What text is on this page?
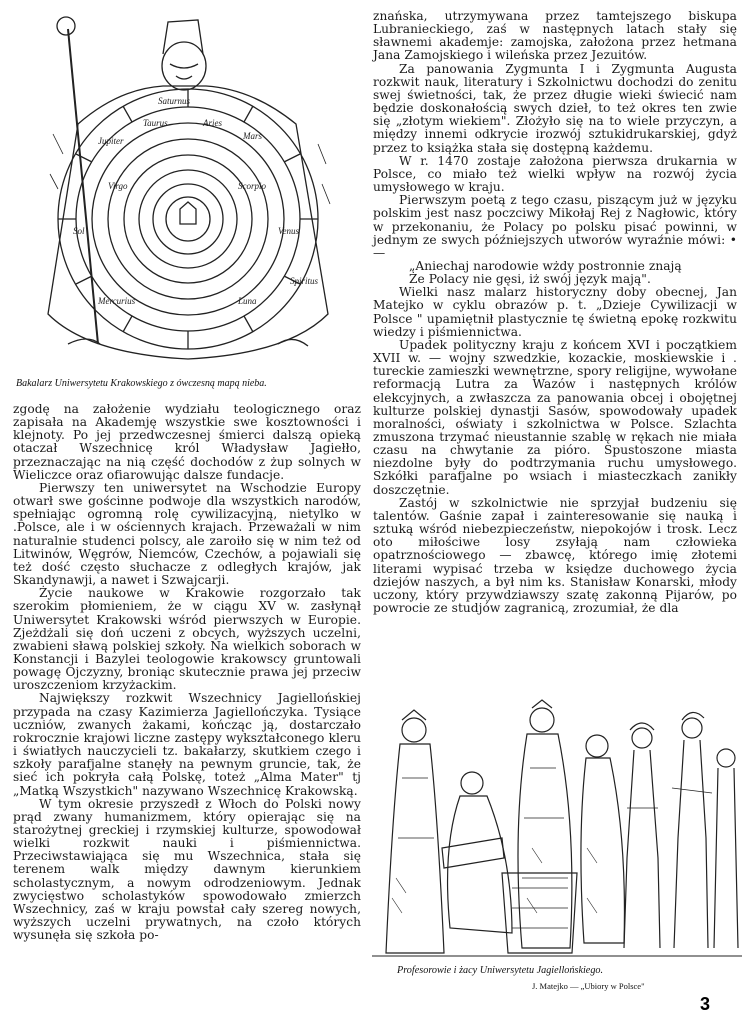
Saturnus
Jupiter	Mars
Sol	Venus
Mercurius	Luna
Taurus	Aries
Virgo	Scorpio
Spiritus
Bakalarz Uniwersytetu Krakowskiego z ówczesną mapą nieba.

zgodę na założenie wydziału teologicznego oraz zapisała na Akademję wszystkie swe kosztowności i klejnoty. Po jej przedwczesnej śmierci dalszą opieką otaczał Wszechnicę król Władysław Jagiełło, przeznaczając na nią część dochodów z żup solnych w Wieliczce oraz ofiarowując dalsze fundacje.

Pierwszy ten uniwersytet na Wschodzie Europy otwarł swe gościnne podwoje dla wszystkich narodów, spełniając ogromną rolę cywilizacyjną, nietylko w .Polsce, ale i w ościennych krajach. Przeważali w nim naturalnie studenci polscy, ale zaroiło się w nim też od Litwinów, Węgrów, Niemców, Czechów, a pojawiali się też dość często słuchacze z odległych krajów, jak Skandynawji, a nawet i Szwajcarji.

Życie naukowe w Krakowie rozgorzało tak szerokim płomieniem, że w ciągu XV w. zasłynął Uniwersytet Krakowski wśród pierwszych w Europie. Zjeżdżali się doń uczeni z obcych, wyższych uczelni, zwabieni sławą polskiej szkoły. Na wielkich soborach w Konstancji i Bazylei teologowie krakowscy gruntowali powagę Ojczyzny, broniąc skutecznie prawa jej przeciw uroszczeniom krzyżackim.

Największy rozkwit Wszechnicy Jagiellońskiej przypada na czasy Kazimierza Jagiellończyka. Tysiące uczniów, zwanych żakami, kończąc ją, dostarczało rokrocznie krajowi liczne zastępy wykształconego kleru i światłych nauczycieli tz. bakałarzy, skutkiem czego i szkoły parafjalne stanęły na pewnym gruncie, tak, że sieć ich pokryła całą Polskę, toteż „Alma Mater" tj „Matką Wszystkich" nazywano Wszechnicę Krakowską.

W tym okresie przyszedł z Włoch do Polski nowy prąd zwany humanizmem, który opierając się na starożytnej greckiej i rzymskiej kulturze, spowodował wielki rozkwit nauki i piśmiennictwa. Przeciwstawiająca się mu Wszechnica, stała się terenem walk między dawnym kierunkiem scholastycznym, a nowym odrodzeniowym. Jednak zwycięstwo scholastyków spowodowało zmierzch Wszechnicy, zaś w kraju powstał cały szereg nowych, wyższych uczelni prywatnych, na czoło których wysunęła się szkoła po-

znańska, utrzymywana przez tamtejszego biskupa Lubranieckiego, zaś w następnych latach stały się sławnemi akademje: zamojska, założona przez hetmana Jana Zamojskiego i wileńska przez Jezuitów.

Za panowania Zygmunta I i Zygmunta Augusta rozkwit nauk, literatury i Szkolnictwu dochodzi do zenitu swej świetności, tak, że przez długie wieki świecić nam będzie doskonałością swych dzieł, to też okres ten zwie się „złotym wiekiem". Złożyło się na to wiele przyczyn, a między innemi odkrycie irozwój sztukidrukarskiej, gdyż przez to książka stała się dostępną każdemu.

W r. 1470 zostaje założona pierwsza drukarnia w Polsce, co miało też wielki wpływ na rozwój życia umysłowego w kraju.

Pierwszym poetą z tego czasu, piszącym już w języku polskim jest nasz poczciwy Mikołaj Rej z Nagłowic, który w przekonaniu, że Polacy po polsku pisać powinni, w jednym ze swych późniejszych utworów wyraźnie mówi: •—

„Aniechaj narodowie wżdy postronnie znają

Że Polacy nie gęsi, iż swój język mają".

Wielki nasz malarz historyczny doby obecnej, Jan Matejko w cyklu obrazów p. t. „Dzieje Cywilizacji w Polsce " upamiętnił plastycznie tę świetną epokę rozkwitu wiedzy i piśmiennictwa.

Upadek polityczny kraju z końcem XVI i początkiem XVII w. — wojny szwedzkie, kozackie, moskiewskie i . tureckie zamieszki wewnętrzne, spory religijne, wywołane reformacją Lutra za Wazów i następnych królów elekcyjnych, a zwłaszcza za panowania obcej i obojętnej kulturze polskiej dynastji Sasów, spowodowały upadek moralności, oświaty i szkolnictwa w Polsce. Szlachta zmuszona trzymać nieustannie szablę w rękach nie miała czasu na chwytanie za pióro. Spustoszone miasta niezdolne były do podtrzymania ruchu umysłowego. Szkółki parafjalne po wsiach i miasteczkach zanikły doszczętnie.

Zastój w szkolnictwie nie sprzyjał budzeniu się talentów. Gaśnie zapał i zainteresowanie się nauką i sztuką wśród niebezpieczeństw, niepokojów i trosk. Lecz oto miłościwe losy zsyłają nam człowieka opatrznościowego — zbawcę, którego imię złotemi literami wypisać trzeba w księdze duchowego życia dziejów naszych, a był nim ks. Stanisław Konarski, młody uczony, który przywdziawszy szatę zakonną Pijarów, po powrocie ze studjów zagranicą, zrozumiał, że dla

Profesorowie i żacy Uniwersytetu Jagiellońskiego.
J. Matejko — „Ubiory w Polsce"
3
